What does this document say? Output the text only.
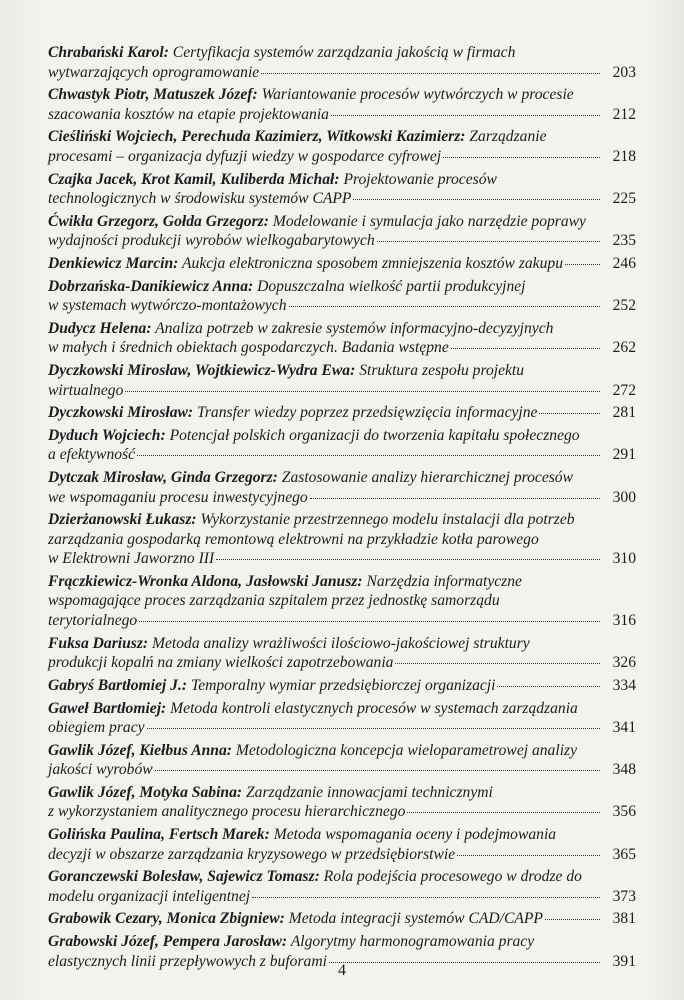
Chrabański Karol: Certyfikacja systemów zarządzania jakością w firmach
wytwarzających oprogramowanie	203
Chwastyk Piotr, Matuszek Józef: Wariantowanie procesów wytwórczych w procesie
szacowania kosztów na etapie projektowania	212
Cieśliński Wojciech, Perechuda Kazimierz, Witkowski Kazimierz: Zarządzanie
procesami – organizacja dyfuzji wiedzy w gospodarce cyfrowej	218
Czajka Jacek, Krot Kamil, Kuliberda Michał: Projektowanie procesów
technologicznych w środowisku systemów CAPP	225
Ćwikła Grzegorz, Gołda Grzegorz: Modelowanie i symulacja jako narzędzie poprawy
wydajności produkcji wyrobów wielkogabarytowych	235
Denkiewicz Marcin: Aukcja elektroniczna sposobem zmniejszenia kosztów zakupu	246
Dobrzańska-Danikiewicz Anna: Dopuszczalna wielkość partii produkcyjnej
w systemach wytwórczo-montażowych	252
Dudycz Helena: Analiza potrzeb w zakresie systemów informacyjno-decyzyjnych
w małych i średnich obiektach gospodarczych. Badania wstępne	262
Dyczkowski Mirosław, Wojtkiewicz-Wydra Ewa: Struktura zespołu projektu
wirtualnego	272
Dyczkowski Mirosław: Transfer wiedzy poprzez przedsięwzięcia informacyjne	281
Dyduch Wojciech: Potencjał polskich organizacji do tworzenia kapitału społecznego
a efektywność	291
Dytczak Mirosław, Ginda Grzegorz: Zastosowanie analizy hierarchicznej procesów
we wspomaganiu procesu inwestycyjnego	300
Dzierżanowski Łukasz: Wykorzystanie przestrzennego modelu instalacji dla potrzeb
zarządzania gospodarką remontową elektrowni na przykładzie kotła parowego
w Elektrowni Jaworzno III	310
Frączkiewicz-Wronka Aldona, Jasłowski Janusz: Narzędzia informatyczne
wspomagające proces zarządzania szpitalem przez jednostkę samorządu
terytorialnego	316
Fuksa Dariusz: Metoda analizy wrażliwości ilościowo-jakościowej struktury
produkcji kopalń na zmiany wielkości zapotrzebowania	326
Gabryś Bartłomiej J.: Temporalny wymiar przedsiębiorczej organizacji	334
Gaweł Bartłomiej: Metoda kontroli elastycznych procesów w systemach zarządzania
obiegiem pracy	341
Gawlik Józef, Kiełbus Anna: Metodologiczna koncepcja wieloparametrowej analizy
jakości wyrobów	348
Gawlik Józef, Motyka Sabina: Zarządzanie innowacjami technicznymi
z wykorzystaniem analitycznego procesu hierarchicznego	356
Golińska Paulina, Fertsch Marek: Metoda wspomagania oceny i podejmowania
decyzji w obszarze zarządzania kryzysowego w przedsiębiorstwie	365
Goranczewski Bolesław, Sajewicz Tomasz: Rola podejścia procesowego w drodze do
modelu organizacji inteligentnej	373
Grabowik Cezary, Monica Zbigniew: Metoda integracji systemów CAD/CAPP	381
Grabowski Józef, Pempera Jarosław: Algorytmy harmonogramowania pracy
elastycznych linii przepływowych z buforami	391
4
